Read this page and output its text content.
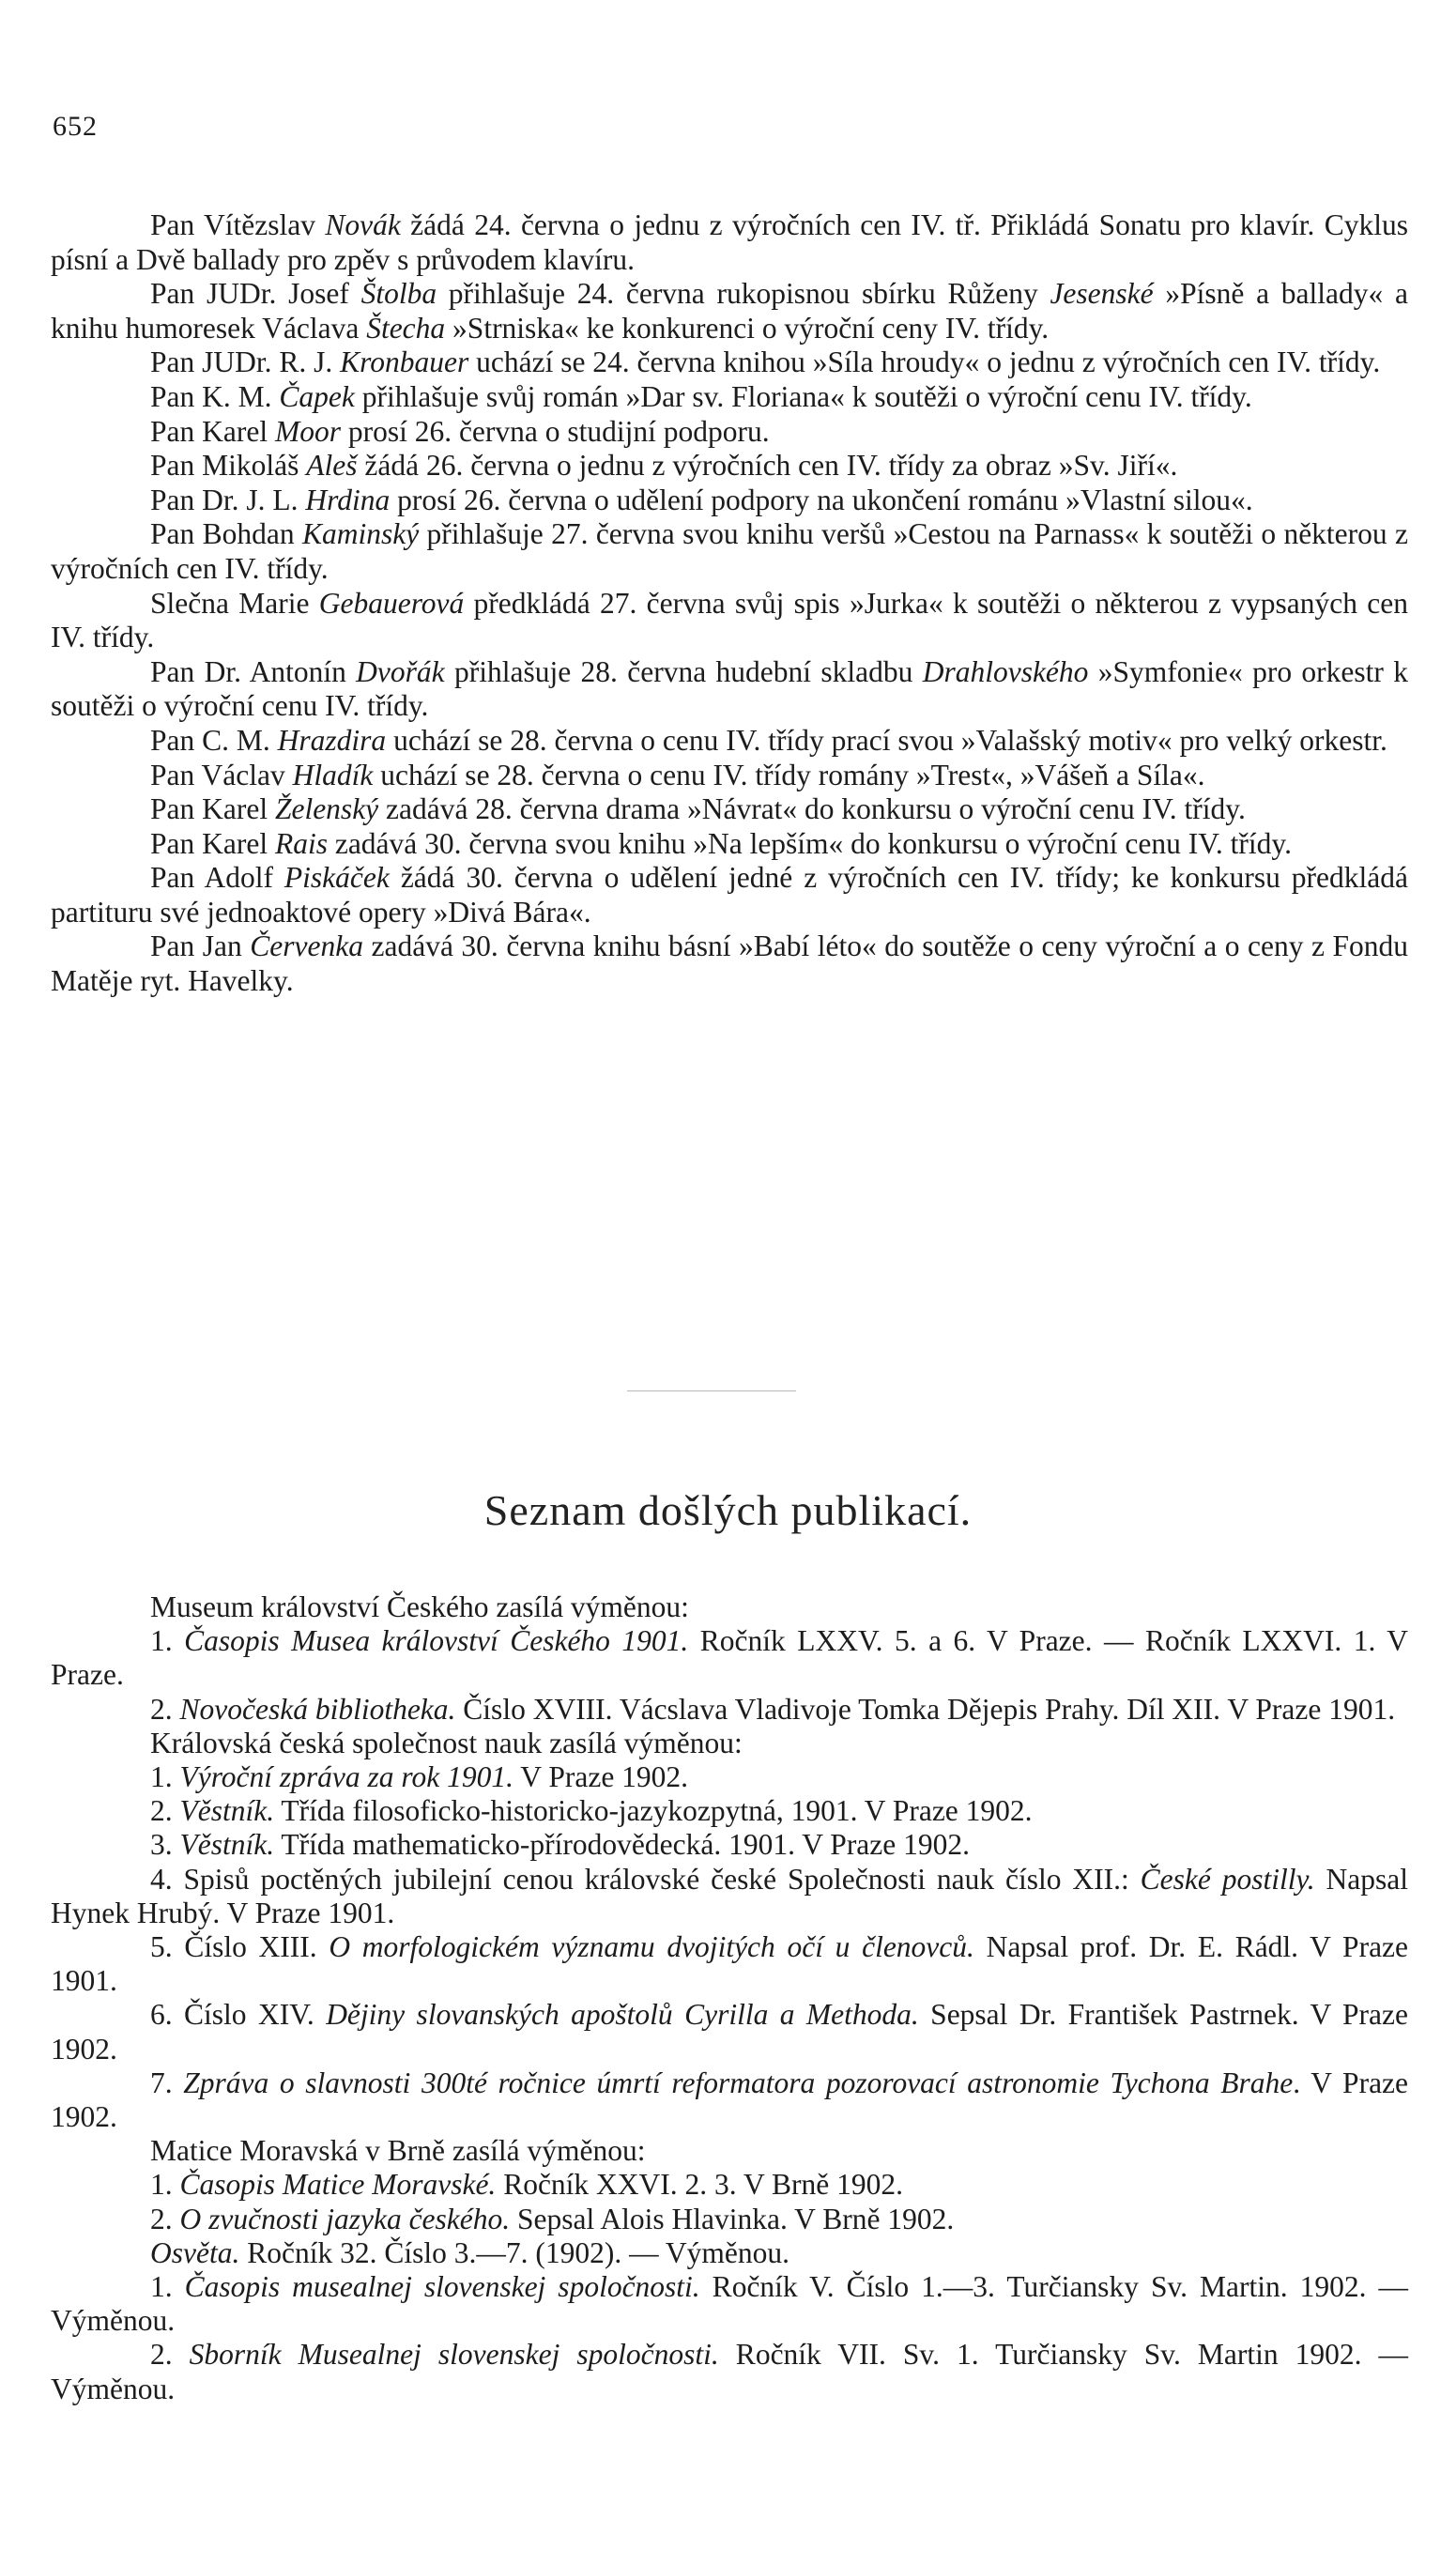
652

Pan Vítězslav Novák žádá 24. června o jednu z výročních cen IV. tř. Přikládá Sonatu pro klavír. Cyklus písní a Dvě ballady pro zpěv s průvodem klavíru.

Pan JUDr. Josef Štolba přihlašuje 24. června rukopisnou sbírku Růženy Jesenské »Písně a ballady« a knihu humoresek Václava Štecha »Strniska« ke konkurenci o výroční ceny IV. třídy.

Pan JUDr. R. J. Kronbauer uchází se 24. června knihou »Síla hroudy« o jednu z výročních cen IV. třídy.

Pan K. M. Čapek přihlašuje svůj román »Dar sv. Floriana« k soutěži o výroční cenu IV. třídy.

Pan Karel Moor prosí 26. června o studijní podporu.

Pan Mikoláš Aleš žádá 26. června o jednu z výročních cen IV. třídy za obraz »Sv. Jiří«.

Pan Dr. J. L. Hrdina prosí 26. června o udělení podpory na ukončení románu »Vlastní silou«.

Pan Bohdan Kaminský přihlašuje 27. června svou knihu veršů »Cestou na Parnass« k soutěži o některou z výročních cen IV. třídy.

Slečna Marie Gebauerová předkládá 27. června svůj spis »Jurka« k soutěži o některou z vypsaných cen IV. třídy.

Pan Dr. Antonín Dvořák přihlašuje 28. června hudební skladbu Drahlovského »Symfonie« pro orkestr k soutěži o výroční cenu IV. třídy.

Pan C. M. Hrazdira uchází se 28. června o cenu IV. třídy prací svou »Valašský motiv« pro velký orkestr.

Pan Václav Hladík uchází se 28. června o cenu IV. třídy romány »Trest«, »Vášeň a Síla«.

Pan Karel Želenský zadává 28. června drama »Návrat« do konkursu o výroční cenu IV. třídy.

Pan Karel Rais zadává 30. června svou knihu »Na lepším« do konkursu o výroční cenu IV. třídy.

Pan Adolf Piskáček žádá 30. června o udělení jedné z výročních cen IV. třídy; ke konkursu předkládá partituru své jednoaktové opery »Divá Bára«.

Pan Jan Červenka zadává 30. června knihu básní »Babí léto« do soutěže o ceny výroční a o ceny z Fondu Matěje ryt. Havelky.

Seznam došlých publikací.

Museum království Českého zasílá výměnou:

1. Časopis Musea království Českého 1901. Ročník LXXV. 5. a 6. V Praze. — Ročník LXXVI. 1. V Praze.

2. Novočeská bibliotheka. Číslo XVIII. Vácslava Vladivoje Tomka Dějepis Prahy. Díl XII. V Praze 1901.

Královská česká společnost nauk zasílá výměnou:

1. Výroční zpráva za rok 1901. V Praze 1902.

2. Věstník. Třída filosoficko-historicko-jazykozpytná, 1901. V Praze 1902.

3. Věstník. Třída mathematicko-přírodovědecká. 1901. V Praze 1902.

4. Spisů poctěných jubilejní cenou královské české Společnosti nauk číslo XII.: České postilly. Napsal Hynek Hrubý. V Praze 1901.

5. Číslo XIII. O morfologickém významu dvojitých očí u členovců. Napsal prof. Dr. E. Rádl. V Praze 1901.

6. Číslo XIV. Dějiny slovanských apoštolů Cyrilla a Methoda. Sepsal Dr. František Pastrnek. V Praze 1902.

7. Zpráva o slavnosti 300té ročnice úmrtí reformatora pozorovací astronomie Tychona Brahe. V Praze 1902.

Matice Moravská v Brně zasílá výměnou:

1. Časopis Matice Moravské. Ročník XXVI. 2. 3. V Brně 1902.

2. O zvučnosti jazyka českého. Sepsal Alois Hlavinka. V Brně 1902.

Osvěta. Ročník 32. Číslo 3.—7. (1902). — Výměnou.

1. Časopis musealnej slovenskej spoločnosti. Ročník V. Číslo 1.—3. Turčiansky Sv. Martin. 1902. — Výměnou.

2. Sborník Musealnej slovenskej spoločnosti. Ročník VII. Sv. 1. Turčiansky Sv. Martin 1902. — Výměnou.
